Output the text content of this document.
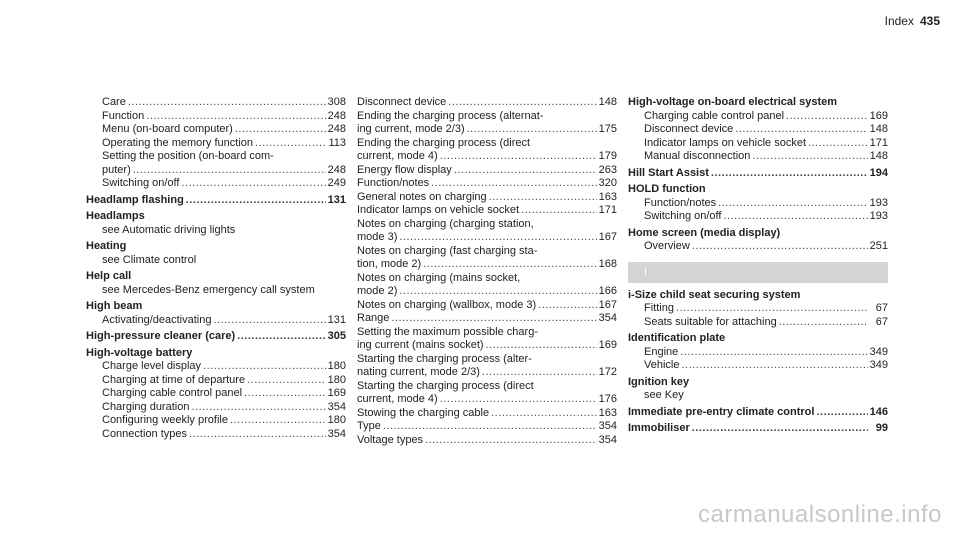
Index 435
Care .....	308
Function .....	248
Menu (on-board computer) .....	248
Operating the memory function .....	113
Setting the position (on-board com-
puter) .....	248
Switching on/off .....	249
Headlamp flashing .....	131
Headlamps
see Automatic driving lights
Heating
see Climate control
Help call
see Mercedes-Benz emergency call system
High beam
Activating/deactivating .....	131
High-pressure cleaner (care) .....	305
High-voltage battery
Charge level display .....	180
Charging at time of departure .....	180
Charging cable control panel .....	169
Charging duration .....	354
Configuring weekly profile .....	180
Connection types .....	354
Disconnect device .....	148
Ending the charging process (alternat-
ing current, mode 2/3) .....	175
Ending the charging process (direct
current, mode 4) .....	179
Energy flow display .....	263
Function/notes .....	320
General notes on charging .....	163
Indicator lamps on vehicle socket .....	171
Notes on charging (charging station,
mode 3) .....	167
Notes on charging (fast charging sta-
tion, mode 2) .....	168
Notes on charging (mains socket,
mode 2) .....	166
Notes on charging (wallbox, mode 3) .....	167
Range .....	354
Setting the maximum possible charg-
ing current (mains socket) .....	169
Starting the charging process (alter-
nating current, mode 2/3) .....	172
Starting the charging process (direct
current, mode 4) .....	176
Stowing the charging cable .....	163
Type .....	354
Voltage types .....	354
High-voltage on-board electrical system
Charging cable control panel .....	169
Disconnect device .....	148
Indicator lamps on vehicle socket .....	171
Manual disconnection .....	148
Hill Start Assist .....	194
HOLD function
Function/notes .....	193
Switching on/off .....	193
Home screen (media display)
Overview .....	251
I
i-Size child seat securing system
Fitting .....	67
Seats suitable for attaching .....	67
Identification plate
Engine .....	349
Vehicle .....	349
Ignition key
see Key
Immediate pre-entry climate control .....	146
Immobiliser .....	99
carmanualsonline.info
